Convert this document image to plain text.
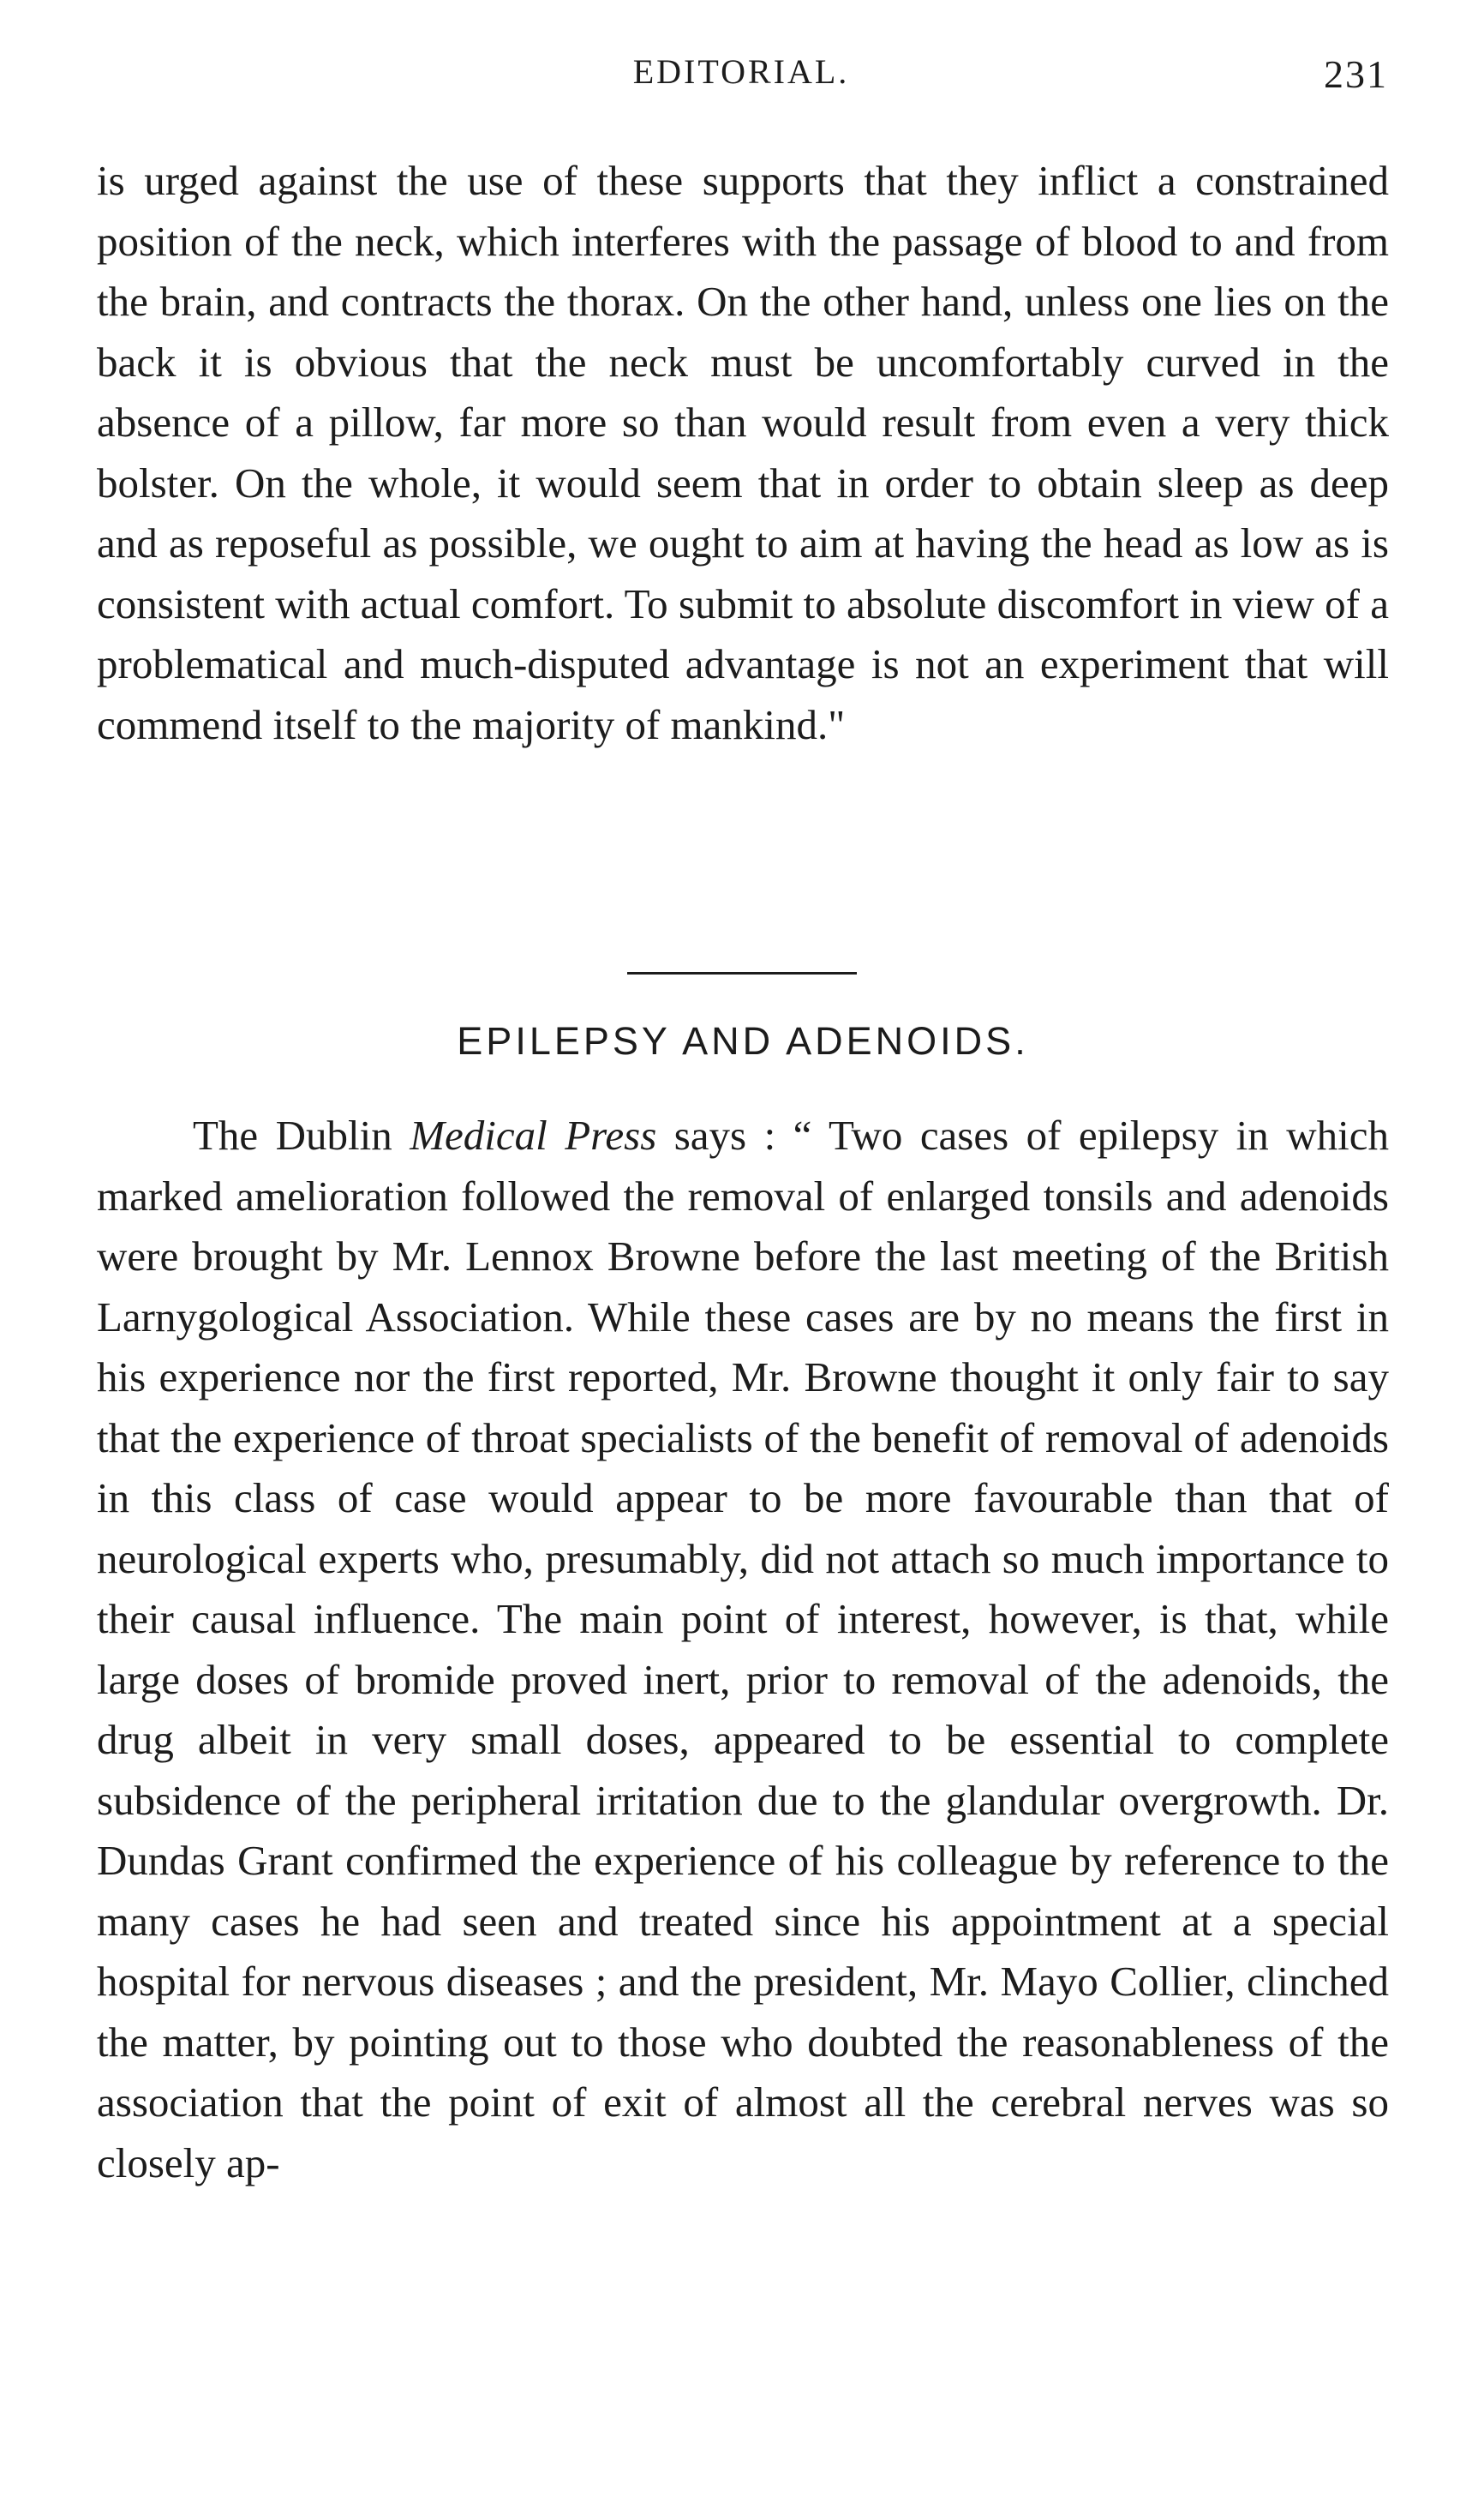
EDITORIAL.	231

is urged against the use of these supports that they inflict a constrained position of the neck, which interferes with the passage of blood to and from the brain, and contracts the thorax. On the other hand, unless one lies on the back it is obvious that the neck must be uncomfortably curved in the absence of a pillow, far more so than would result from even a very thick bolster. On the whole, it would seem that in order to obtain sleep as deep and as reposeful as possible, we ought to aim at having the head as low as is consistent with actual comfort. To submit to absolute discomfort in view of a problematical and much-disputed advantage is not an experiment that will commend itself to the majority of mankind."

EPILEPSY AND ADENOIDS.

The Dublin Medical Press says : “ Two cases of epilepsy in which marked amelioration followed the removal of enlarged tonsils and adenoids were brought by Mr. Lennox Browne before the last meeting of the British Larnygological Association. While these cases are by no means the first in his experience nor the first reported, Mr. Browne thought it only fair to say that the experience of throat specialists of the benefit of removal of adenoids in this class of case would appear to be more favourable than that of neurological experts who, presumably, did not attach so much importance to their causal influence. The main point of interest, however, is that, while large doses of bromide proved inert, prior to removal of the adenoids, the drug albeit in very small doses, appeared to be essential to complete subsidence of the peripheral irritation due to the glandular overgrowth. Dr. Dundas Grant confirmed the experience of his colleague by reference to the many cases he had seen and treated since his appointment at a special hospital for nervous diseases ; and the president, Mr. Mayo Collier, clinched the matter, by pointing out to those who doubted the reasonableness of the association that the point of exit of almost all the cerebral nerves was so closely ap-
